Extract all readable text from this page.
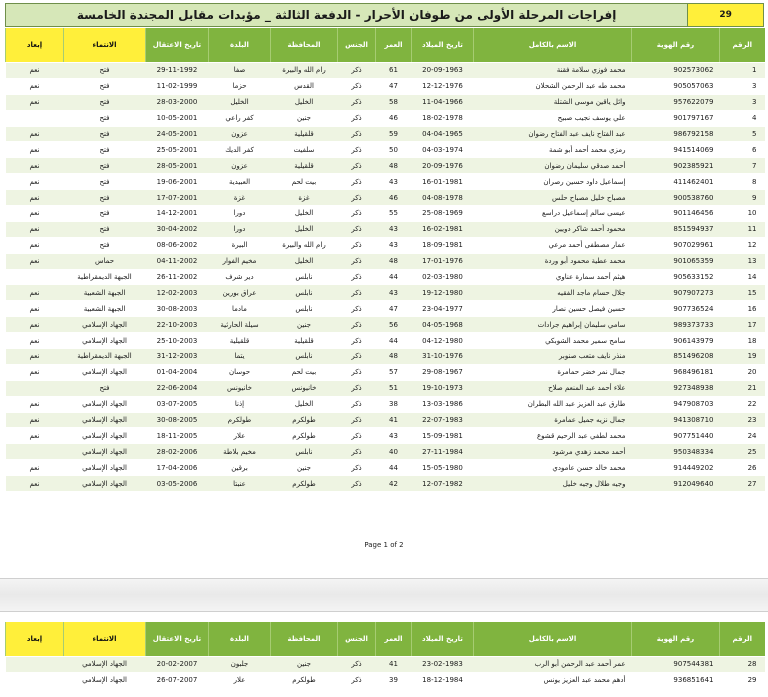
29	إفراجات المرحلة الأولى من طوفان الأحرار - الدفعة الثالثة _ مؤبدات مقابل المجندة الخامسة
الرقم	رقم الهوية	الاسم بالكامل	تاريخ الميلاد	العمر	الجنس	المحافظة	البلدة	تاريخ الاعتقال	الانتماء	إبعاد
1	902573062	محمد فوزي سلامة فقنة	20-09-1963	61	ذكر	رام الله والبيرة	صفا	29-11-1992	فتح	نعم
3	905057063	محمد طه عبد الرحمن الشحلان	12-12-1976	47	ذكر	القدس	حزما	11-02-1999	فتح	نعم
3	957622079	وائل ياقين موسى الشتلة	11-04-1966	58	ذكر	الخليل	الخليل	28-03-2000	فتح	نعم
4	901797167	علي يوسف نجيب صبيح	18-02-1978	46	ذكر	جنين	كفر راعي	10-05-2001	فتح	
5	986792158	عبد الفتاح نايف عبد الفتاح رضوان	04-04-1965	59	ذكر	قلقيلية	عزون	24-05-2001	فتح	نعم
6	941514069	رمزي محمد أحمد أبو شمة	04-03-1974	50	ذكر	سلفيت	كفر الديك	25-05-2001	فتح	نعم
7	902385921	أحمد صدقي سليمان رضوان	20-09-1976	48	ذكر	قلقيلية	عزون	28-05-2001	فتح	نعم
8	411462401	إسماعيل داود حسين رصران	16-01-1981	43	ذكر	بيت لحم	العبيدية	19-06-2001	فتح	نعم
9	900538760	مصباح خليل مصباح حلس	04-08-1978	46	ذكر	غزة	غزة	17-07-2001	فتح	نعم
10	901146456	عيسى سالم إسماعيل دراسع	25-08-1969	55	ذكر	الخليل	دورا	14-12-2001	فتح	نعم
11	851594937	محمود أحمد شاكر دويين	16-02-1981	43	ذكر	الخليل	دورا	30-04-2002	فتح	نعم
12	907029961	عمار مصطفى أحمد مرعي	18-09-1981	43	ذكر	رام الله والبيرة	البيرة	08-06-2002	فتح	نعم
13	901065359	محمد عطية محمود أبو وردة	17-01-1976	48	ذكر	الخليل	مخيم الفوار	04-11-2002	حماس	نعم
14	905633152	هيثم أحمد سمارة عناوي	02-03-1980	44	ذكر	نابلس	دير شرف	26-11-2002	الجبهة الديمقراطية	
15	907907273	جلال حسام ماجد الفقيه	19-12-1980	43	ذكر	نابلس	عراق بورين	12-02-2003	الجبهة الشعبية	نعم
16	907736524	حسين فيصل حسين نصار	23-04-1977	47	ذكر	نابلس	مادما	30-08-2003	الجبهة الشعبية	نعم
17	989373733	سامي سليمان إبراهيم جرادات	04-05-1968	56	ذكر	جنين	سيلة الحارثية	22-10-2003	الجهاد الإسلامي	نعم
18	906143979	سامح سمير محمد الشوبكي	04-12-1980	44	ذكر	قلقيلية	قلقيلية	25-10-2003	الجهاد الإسلامي	نعم
19	851496208	منذر نايف متعب صنوبر	31-10-1976	48	ذكر	نابلس	يتما	31-12-2003	الجبهة الديمقراطية	نعم
20	968496181	جمال نمر خضر حمامرة	29-08-1967	57	ذكر	بيت لحم	حوسان	01-04-2004	الجهاد الإسلامي	نعم
21	927348938	علاء أحمد عبد المنعم صلاح	19-10-1973	51	ذكر	خانيونس	خانيونس	22-06-2004	فتح	
22	947908703	طارق عبد العزيز عبد الله البطران	13-03-1986	38	ذكر	الخليل	إذنا	03-07-2005	الجهاد الإسلامي	نعم
23	941308710	جمال نزيه جميل عمامرة	22-07-1983	41	ذكر	طولكرم	طولكرم	30-08-2005	الجهاد الإسلامي	نعم
24	907751440	محمد لطفي عبد الرحيم قشوع	15-09-1981	43	ذكر	طولكرم	علار	18-11-2005	الجهاد الإسلامي	نعم
25	950348334	أحمد محمد زهدي مرشود	27-11-1984	40	ذكر	نابلس	مخيم بلاطة	28-02-2006	الجهاد الإسلامي	
26	914449202	محمد خالد حسن عامودي	15-05-1980	44	ذكر	جنين	برقين	17-04-2006	الجهاد الإسلامي	نعم
27	912049640	وجيه طلال وجيه خليل	12-07-1982	42	ذكر	طولكرم	عنبتا	03-05-2006	الجهاد الإسلامي	نعم
Page 1 of 2
الرقم	رقم الهوية	الاسم بالكامل	تاريخ الميلاد	العمر	الجنس	المحافظة	البلدة	تاريخ الاعتقال	الانتماء	إبعاد
28	907544381	عمر أحمد عبد الرحمن أبو الرب	23-02-1983	41	ذكر	جنين	جلبون	20-02-2007	الجهاد الإسلامي	
29	936851641	أدهم محمد عبد العزيز يونس	18-12-1984	39	ذكر	طولكرم	علار	26-07-2007	الجهاد الإسلامي	
